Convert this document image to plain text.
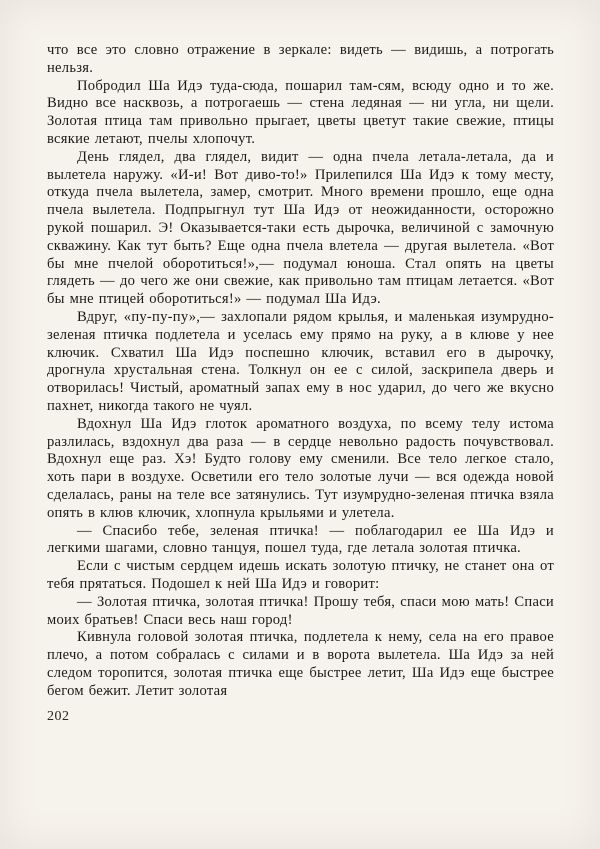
что все это словно отражение в зеркале: видеть — видишь, а потрогать нельзя.

Побродил Ша Идэ туда-сюда, пошарил там-сям, всюду одно и то же. Видно все насквозь, а потрогаешь — стена ледяная — ни угла, ни щели. Золотая птица там привольно прыгает, цветы цветут такие свежие, птицы всякие летают, пчелы хлопочут.

День глядел, два глядел, видит — одна пчела летала-летала, да и вылетела наружу. «И-и! Вот диво-то!» Прилепился Ша Идэ к тому месту, откуда пчела вылетела, замер, смотрит. Много времени прошло, еще одна пчела вылетела. Подпрыгнул тут Ша Идэ от неожиданности, осторожно рукой пошарил. Э! Оказывается-таки есть дырочка, величиной с замочную скважину. Как тут быть? Еще одна пчела влетела — другая вылетела. «Вот бы мне пчелой оборотиться!»,— подумал юноша. Стал опять на цветы глядеть — до чего же они свежие, как привольно там птицам летается. «Вот бы мне птицей оборотиться!» — подумал Ша Идэ.

Вдруг, «пу-пу-пу»,— захлопали рядом крылья, и маленькая изумрудно-зеленая птичка подлетела и уселась ему прямо на руку, а в клюве у нее ключик. Схватил Ша Идэ поспешно ключик, вставил его в дырочку, дрогнула хрустальная стена. Толкнул он ее с силой, заскрипела дверь и отворилась! Чистый, ароматный запах ему в нос ударил, до чего же вкусно пахнет, никогда такого не чуял.

Вдохнул Ша Идэ глоток ароматного воздуха, по всему телу истома разлилась, вздохнул два раза — в сердце невольно радость почувствовал. Вдохнул еще раз. Хэ! Будто голову ему сменили. Все тело легкое стало, хоть пари в воздухе. Осветили его тело золотые лучи — вся одежда новой сделалась, раны на теле все затянулись. Тут изумрудно-зеленая птичка взяла опять в клюв ключик, хлопнула крыльями и улетела.

— Спасибо тебе, зеленая птичка! — поблагодарил ее Ша Идэ и легкими шагами, словно танцуя, пошел туда, где летала золотая птичка.

Если с чистым сердцем идешь искать золотую птичку, не станет она от тебя прятаться. Подошел к ней Ша Идэ и говорит:

— Золотая птичка, золотая птичка! Прошу тебя, спаси мою мать! Спаси моих братьев! Спаси весь наш город!

Кивнула головой золотая птичка, подлетела к нему, села на его правое плечо, а потом собралась с силами и в ворота вылетела. Ша Идэ за ней следом торопится, золотая птичка еще быстрее летит, Ша Идэ еще быстрее бегом бежит. Летит золотая

202
